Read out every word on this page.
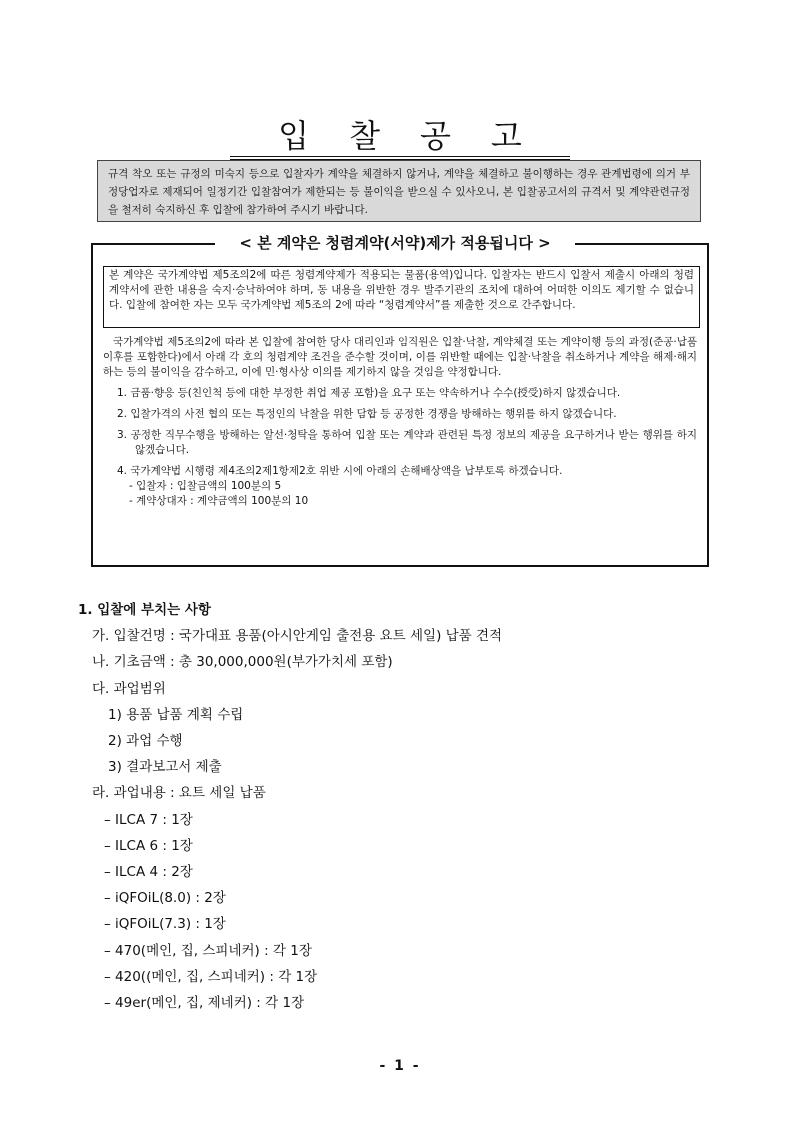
입찰공고
규격 착오 또는 규정의 미숙지 등으로 입찰자가 계약을 체결하지 않거나, 계약을 체결하고 불이행하는 경우 관계법령에 의거 부정당업자로 제재되어 일정기간 입찰참여가 제한되는 등 불이익을 받으실 수 있사오니, 본 입찰공고서의 규격서 및 계약관련규정을 철저히 숙지하신 후 입찰에 참가하여 주시기 바랍니다.
< 본 계약은 청렴계약(서약)제가 적용됩니다 >
본 계약은 국가계약법 제5조의2에 따른 청렴계약제가 적용되는 물품(용역)입니다. 입찰자는 반드시 입찰서 제출시 아래의 청렴계약서에 관한 내용을 숙지·승낙하여야 하며, 동 내용을 위반한 경우 발주기관의 조치에 대하여 어떠한 이의도 제기할 수 없습니다. 입찰에 참여한 자는 모두 국가계약법 제5조의 2에 따라 “청렴계약서”를 제출한 것으로 간주합니다.

국가계약법 제5조의2에 따라 본 입찰에 참여한 당사 대리인과 임직원은 입찰·낙찰, 계약체결 또는 계약이행 등의 과정(준공·납품 이후를 포함한다)에서 아래 각 호의 청렴계약 조건을 준수할 것이며, 이를 위반할 때에는 입찰·낙찰을 취소하거나 계약을 해제·해지하는 등의 불이익을 감수하고, 이에 민·형사상 이의를 제기하지 않을 것임을 약정합니다.

1. 금품·향응 등(친인척 등에 대한 부정한 취업 제공 포함)을 요구 또는 약속하거나 수수(授受)하지 않겠습니다.
2. 입찰가격의 사전 협의 또는 특정인의 낙찰을 위한 담합 등 공정한 경쟁을 방해하는 행위를 하지 않겠습니다.
3. 공정한 직무수행을 방해하는 알선·청탁을 통하여 입찰 또는 계약과 관련된 특정 정보의 제공을 요구하거나 받는 행위를 하지 않겠습니다.
4. 국가계약법 시행령 제4조의2제1항제2호 위반 시에 아래의 손해배상액을 납부토록 하겠습니다.
- 입찰자 : 입찰금액의 100분의 5
- 계약상대자 : 계약금액의 100분의 10

1. 입찰에 부치는 사항

가. 입찰건명 : 국가대표 용품(아시안게임 출전용 요트 세일) 납품 견적

나. 기초금액 : 총 30,000,000원(부가가치세 포함)

다. 과업범위

1) 용품 납품 계획 수립

2) 과업 수행

3) 결과보고서 제출

라. 과업내용 : 요트 세일 납품

– ILCA 7 : 1장

– ILCA 6 : 1장

– ILCA 4 : 2장

– iQFOiL(8.0) : 2장

– iQFOiL(7.3) : 1장

– 470(메인, 집, 스피네커) : 각 1장

– 420((메인, 집, 스피네커) : 각 1장

– 49er(메인, 집, 제네커) : 각 1장

- 1 -
